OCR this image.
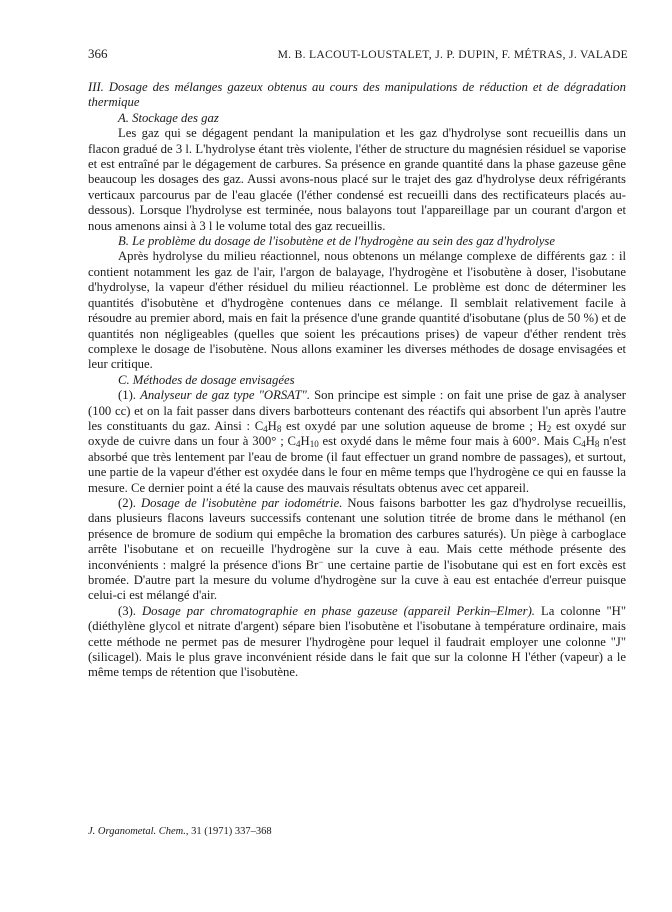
366	M. B. LACOUT-LOUSTALET, J. P. DUPIN, F. MÉTRAS, J. VALADE

III. Dosage des mélanges gazeux obtenus au cours des manipulations de réduction et de dégradation thermique

A. Stockage des gaz

Les gaz qui se dégagent pendant la manipulation et les gaz d'hydrolyse sont recueillis dans un flacon gradué de 3 l. L'hydrolyse étant très violente, l'éther de structure du magnésien résiduel se vaporise et est entraîné par le dégagement de carbures. Sa présence en grande quantité dans la phase gazeuse gêne beaucoup les dosages des gaz. Aussi avons-nous placé sur le trajet des gaz d'hydrolyse deux réfrigérants verticaux parcourus par de l'eau glacée (l'éther condensé est recueilli dans des rectificateurs placés au-dessous). Lorsque l'hydrolyse est terminée, nous balayons tout l'appareillage par un courant d'argon et nous amenons ainsi à 3 l le volume total des gaz recueillis.

B. Le problème du dosage de l'isobutène et de l'hydrogène au sein des gaz d'hydrolyse

Après hydrolyse du milieu réactionnel, nous obtenons un mélange complexe de différents gaz : il contient notamment les gaz de l'air, l'argon de balayage, l'hydrogène et l'isobutène à doser, l'isobutane d'hydrolyse, la vapeur d'éther résiduel du milieu réactionnel. Le problème est donc de déterminer les quantités d'isobutène et d'hydrogène contenues dans ce mélange. Il semblait relativement facile à résoudre au premier abord, mais en fait la présence d'une grande quantité d'isobutane (plus de 50 %) et de quantités non négligeables (quelles que soient les précautions prises) de vapeur d'éther rendent très complexe le dosage de l'isobutène. Nous allons examiner les diverses méthodes de dosage envisagées et leur critique.

C. Méthodes de dosage envisagées

(1). Analyseur de gaz type "ORSAT". Son principe est simple : on fait une prise de gaz à analyser (100 cc) et on la fait passer dans divers barbotteurs contenant des réactifs qui absorbent l'un après l'autre les constituants du gaz. Ainsi : $C_4H_8$ est oxydé par une solution aqueuse de brome ; $H_2$ est oxydé sur oxyde de cuivre dans un four à 300° ; $C_4H_{10}$ est oxydé dans le même four mais à 600°. Mais $C_4H_8$ n'est absorbé que très lentement par l'eau de brome (il faut effectuer un grand nombre de passages), et surtout, une partie de la vapeur d'éther est oxydée dans le four en même temps que l'hydrogène ce qui en fausse la mesure. Ce dernier point a été la cause des mauvais résultats obtenus avec cet appareil.

(2). Dosage de l'isobutène par iodométrie. Nous faisons barbotter les gaz d'hydrolyse recueillis, dans plusieurs flacons laveurs successifs contenant une solution titrée de brome dans le méthanol (en présence de bromure de sodium qui empêche la bromation des carbures saturés). Un piège à carboglace arrête l'isobutane et on recueille l'hydrogène sur la cuve à eau. Mais cette méthode présente des inconvénients : malgré la présence d'ions Br− une certaine partie de l'isobutane qui est en fort excès est bromée. D'autre part la mesure du volume d'hydrogène sur la cuve à eau est entachée d'erreur puisque celui-ci est mélangé d'air.

(3). Dosage par chromatographie en phase gazeuse (appareil Perkin–Elmer). La colonne "H" (diéthylène glycol et nitrate d'argent) sépare bien l'isobutène et l'isobutane à température ordinaire, mais cette méthode ne permet pas de mesurer l'hydrogène pour lequel il faudrait employer une colonne "J" (silicagel). Mais le plus grave inconvénient réside dans le fait que sur la colonne H l'éther (vapeur) a le même temps de rétention que l'isobutène.

J. Organometal. Chem., 31 (1971) 337–368
